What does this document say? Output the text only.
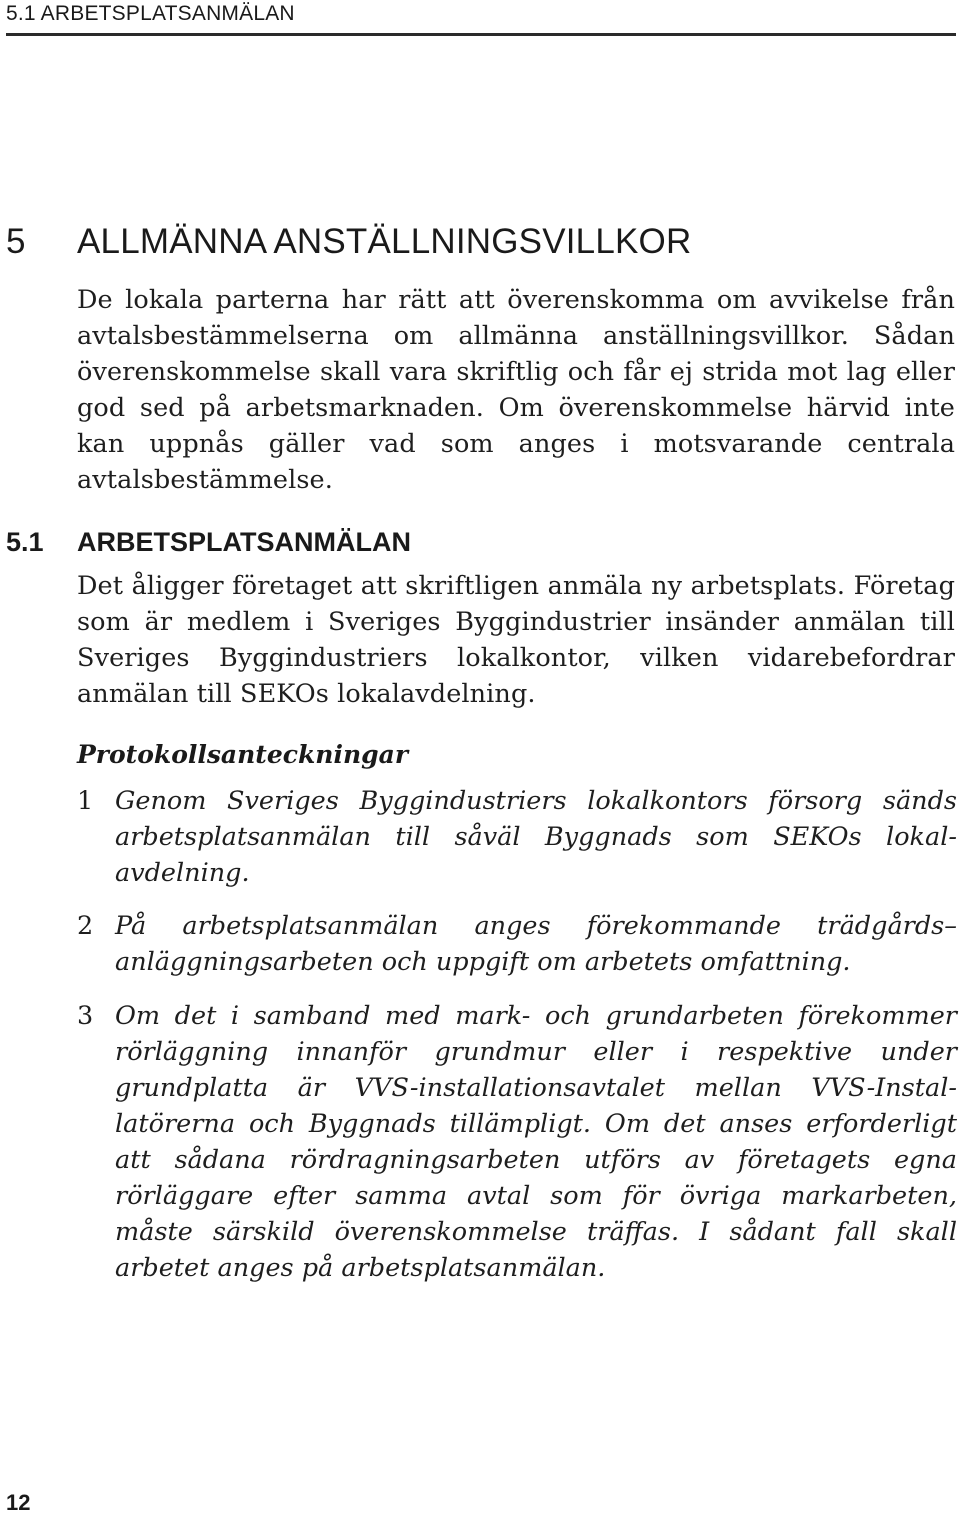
5.1 ARBETSPLATSANMÄLAN
5	ALLMÄNNA ANSTÄLLNINGSVILLKOR

De lokala parterna har rätt att överenskomma om avvikelse från avtalsbestämmelserna om allmänna anställningsvillkor. Sådan överenskommelse skall vara skriftlig och får ej strida mot lag eller god sed på arbetsmarknaden. Om överenskommelse härvid inte kan uppnås gäller vad som anges i motsvarande centrala avtalsbestämmelse.

5.1	ARBETSPLATSANMÄLAN

Det åligger företaget att skriftligen anmäla ny arbetsplats. Företag som är medlem i Sveriges Byggindustrier insänder anmälan till Sveriges Byggindustriers lokalkontor, vilken vidarebefordrar anmälan till SEKOs lokalavdelning.

Protokollsanteckningar
1 Genom Sveriges Byggindustriers lokalkontors försorg sänds arbetsplatsanmälan till såväl Byggnads som SEKOs lokalavdelning.
2 På arbetsplatsanmälan anges förekommande trädgårds– anläggningsarbeten och uppgift om arbetets omfattning.
3 Om det i samband med mark- och grundarbeten förekommer rörläggning innanför grundmur eller i respektive under grundplatta är VVS-installationsavtalet mellan VVS-Installatörerna och Byggnads tillämpligt. Om det anses erforderligt att sådana rördragningsarbeten utförs av företagets egna rörläggare efter samma avtal som för övriga markarbeten, måste särskild överenskommelse träffas. I sådant fall skall arbetet anges på arbetsplatsanmälan.
12
